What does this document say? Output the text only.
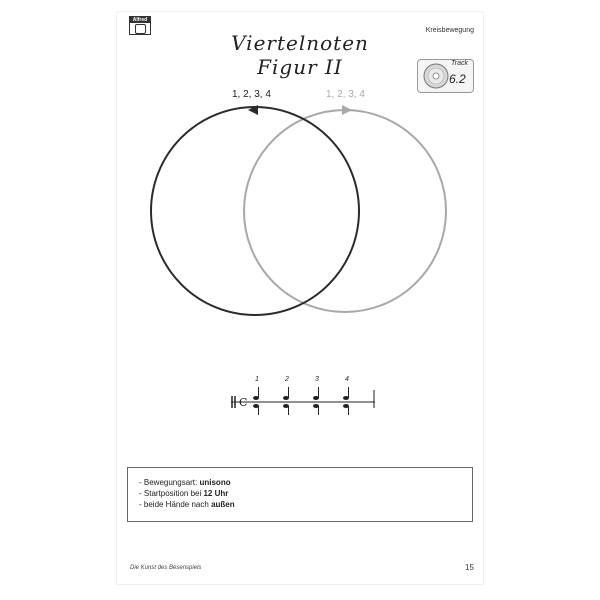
Alfred
Kreisbewegung
Viertelnoten Figur II	Track
6.2
1, 2, 3, 4	1, 2, 3, 4
C
1	2	3	4
- Bewegungsart: unisono
- Startposition bei 12 Uhr
- beide Hände nach außen
Die Kunst des Besenspiels	15
